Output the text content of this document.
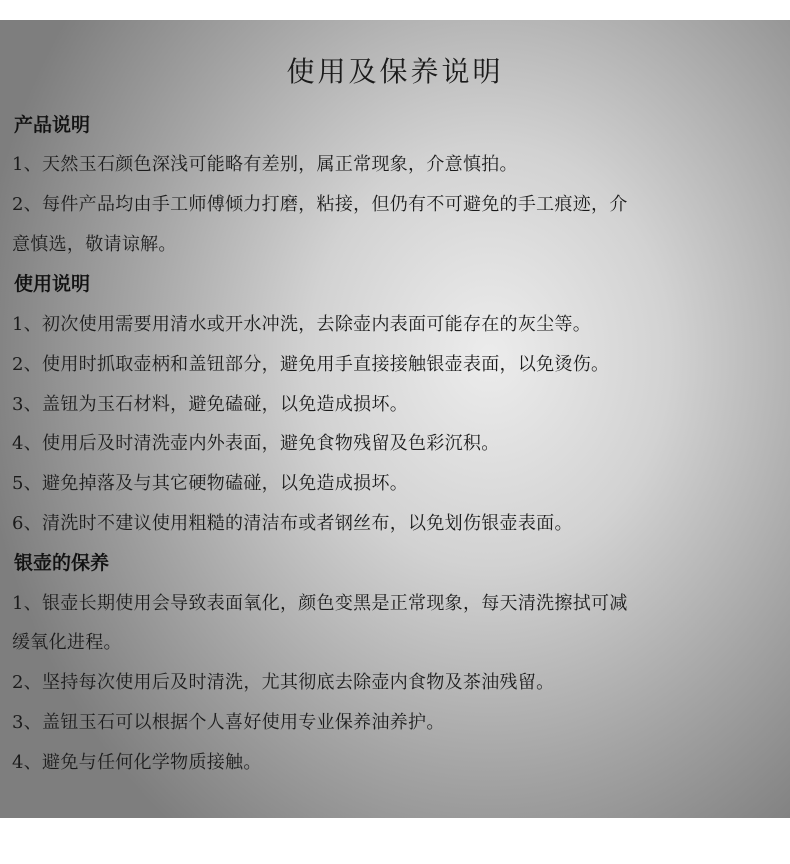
使用及保养说明
产品说明
1、天然玉石颜色深浅可能略有差别，属正常现象，介意慎拍。
2、每件产品均由手工师傅倾力打磨，粘接，但仍有不可避免的手工痕迹，介
意慎选，敬请谅解。
使用说明
1、初次使用需要用清水或开水冲洗，去除壶内表面可能存在的灰尘等。
2、使用时抓取壶柄和盖钮部分，避免用手直接接触银壶表面，以免烫伤。
3、盖钮为玉石材料，避免磕碰，以免造成损坏。
4、使用后及时清洗壶内外表面，避免食物残留及色彩沉积。
5、避免掉落及与其它硬物磕碰，以免造成损坏。
6、清洗时不建议使用粗糙的清洁布或者钢丝布，以免划伤银壶表面。
银壶的保养
1、银壶长期使用会导致表面氧化，颜色变黑是正常现象，每天清洗擦拭可减
缓氧化进程。
2、坚持每次使用后及时清洗，尤其彻底去除壶内食物及茶油残留。
3、盖钮玉石可以根据个人喜好使用专业保养油养护。
4、避免与任何化学物质接触。
